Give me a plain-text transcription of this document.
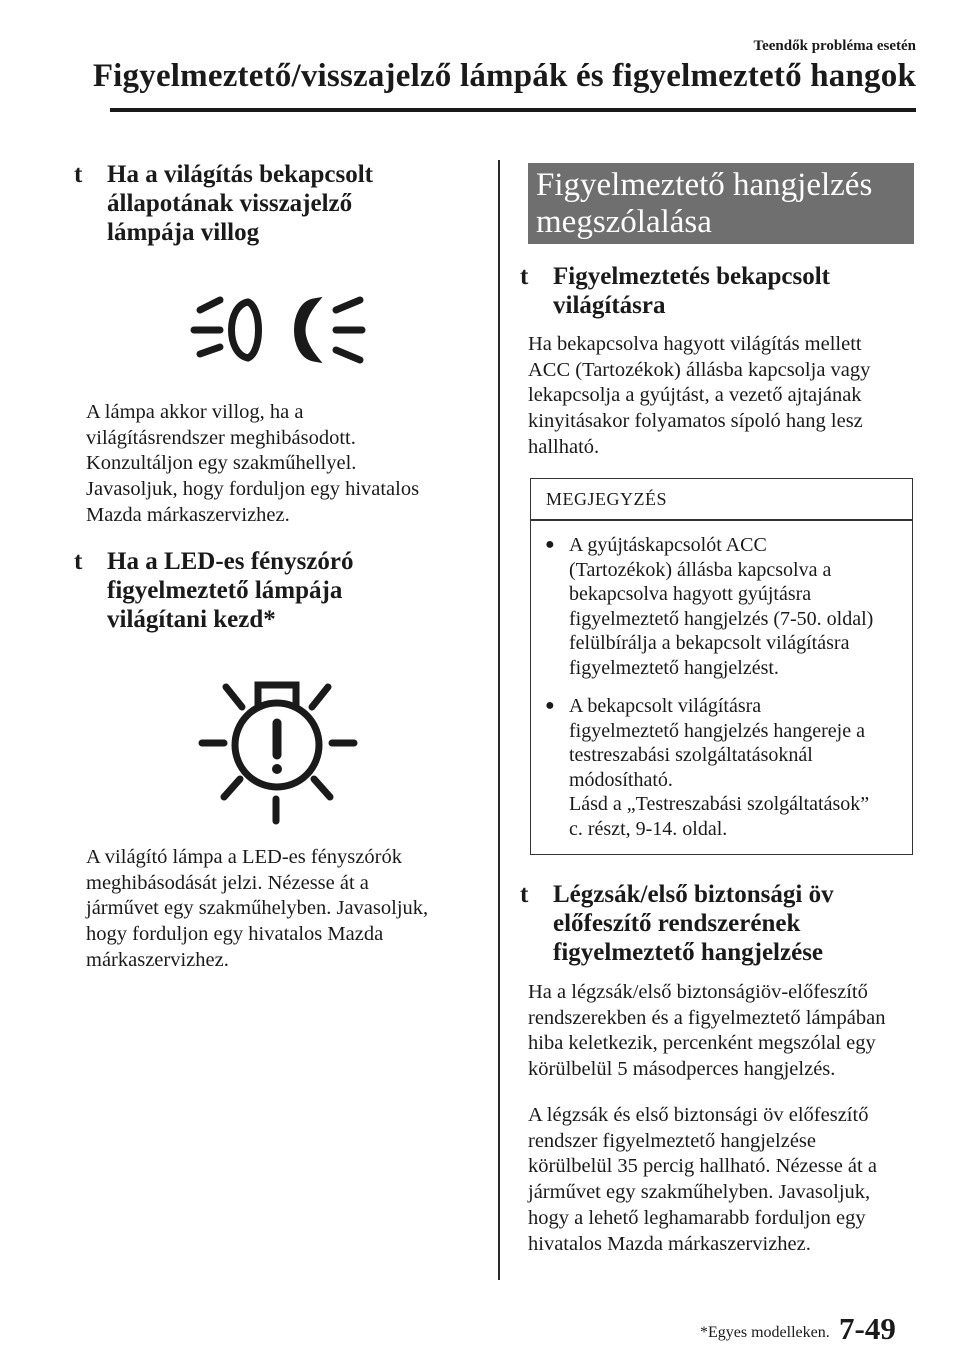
Teendők probléma esetén
Figyelmeztető/visszajelző lámpák és figyelmeztető hangok
t Ha a világítás bekapcsolt
állapotának visszajelző
lámpája villog
A lámpa akkor villog, ha a
világításrendszer meghibásodott.
Konzultáljon egy szakműhellyel.
Javasoljuk, hogy forduljon egy hivatalos
Mazda márkaszervizhez.
t Ha a LED-es fényszóró
figyelmeztető lámpája
világítani kezd*
A világító lámpa a LED-es fényszórók
meghibásodását jelzi. Nézesse át a
járművet egy szakműhelyben. Javasoljuk,
hogy forduljon egy hivatalos Mazda
márkaszervizhez.
Figyelmeztető hangjelzés
megszólalása
t Figyelmeztetés bekapcsolt
világításra
Ha bekapcsolva hagyott világítás mellett
ACC (Tartozékok) állásba kapcsolja vagy
lekapcsolja a gyújtást, a vezető ajtajának
kinyitásakor folyamatos sípoló hang lesz
hallható.
MEGJEGYZÉS
● A gyújtáskapcsolót ACC
(Tartozékok) állásba kapcsolva a
bekapcsolva hagyott gyújtásra
figyelmeztető hangjelzés (7-50. oldal)
felülbírálja a bekapcsolt világításra
figyelmeztető hangjelzést.
● A bekapcsolt világításra
figyelmeztető hangjelzés hangereje a
testreszabási szolgáltatásoknál
módosítható.
Lásd a „Testreszabási szolgáltatások”
c. részt, 9-14. oldal.
t Légzsák/első biztonsági öv
előfeszítő rendszerének
figyelmeztető hangjelzése
Ha a légzsák/első biztonságiöv-előfeszítő
rendszerekben és a figyelmeztető lámpában
hiba keletkezik, percenként megszólal egy
körülbelül 5 másodperces hangjelzés.
A légzsák és első biztonsági öv előfeszítő
rendszer figyelmeztető hangjelzése
körülbelül 35 percig hallható. Nézesse át a
járművet egy szakműhelyben. Javasoljuk,
hogy a lehető leghamarabb forduljon egy
hivatalos Mazda márkaszervizhez.
*Egyes modelleken. 7-49
